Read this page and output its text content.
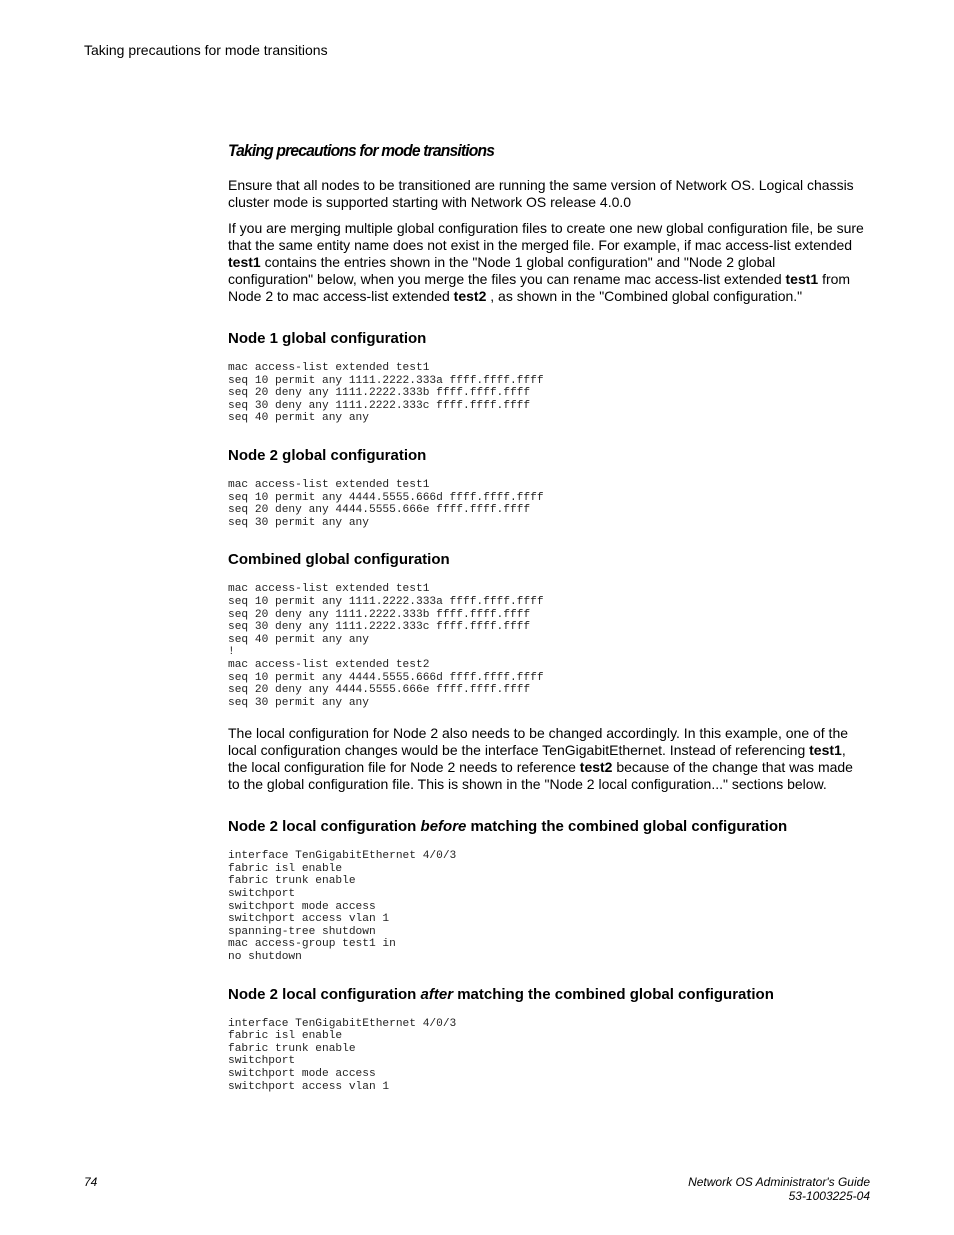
Taking precautions for mode transitions
Taking precautions for mode transitions

Ensure that all nodes to be transitioned are running the same version of Network OS. Logical chassis cluster mode is supported starting with Network OS release 4.0.0

If you are merging multiple global configuration files to create one new global configuration file, be sure that the same entity name does not exist in the merged file. For example, if mac access-list extended test1 contains the entries shown in the "Node 1 global configuration" and "Node 2 global configuration" below, when you merge the files you can rename mac access-list extended test1 from Node 2 to mac access-list extended test2 , as shown in the "Combined global configuration."

Node 1 global configuration
mac access-list extended test1
seq 10 permit any 1111.2222.333a ffff.ffff.ffff
seq 20 deny any 1111.2222.333b ffff.ffff.ffff
seq 30 deny any 1111.2222.333c ffff.ffff.ffff
seq 40 permit any any
Node 2 global configuration
mac access-list extended test1
seq 10 permit any 4444.5555.666d ffff.ffff.ffff
seq 20 deny any 4444.5555.666e ffff.ffff.ffff
seq 30 permit any any
Combined global configuration
mac access-list extended test1
seq 10 permit any 1111.2222.333a ffff.ffff.ffff
seq 20 deny any 1111.2222.333b ffff.ffff.ffff
seq 30 deny any 1111.2222.333c ffff.ffff.ffff
seq 40 permit any any
!
mac access-list extended test2
seq 10 permit any 4444.5555.666d ffff.ffff.ffff
seq 20 deny any 4444.5555.666e ffff.ffff.ffff
seq 30 permit any any

The local configuration for Node 2 also needs to be changed accordingly. In this example, one of the local configuration changes would be the interface TenGigabitEthernet. Instead of referencing test1, the local configuration file for Node 2 needs to reference test2 because of the change that was made to the global configuration file. This is shown in the "Node 2 local configuration..." sections below.

Node 2 local configuration before matching the combined global configuration
interface TenGigabitEthernet 4/0/3
fabric isl enable
fabric trunk enable
switchport
switchport mode access
switchport access vlan 1
spanning-tree shutdown
mac access-group test1 in
no shutdown
Node 2 local configuration after matching the combined global configuration
interface TenGigabitEthernet 4/0/3
fabric isl enable
fabric trunk enable
switchport
switchport mode access
switchport access vlan 1
74	Network OS Administrator's Guide
53-1003225-04
